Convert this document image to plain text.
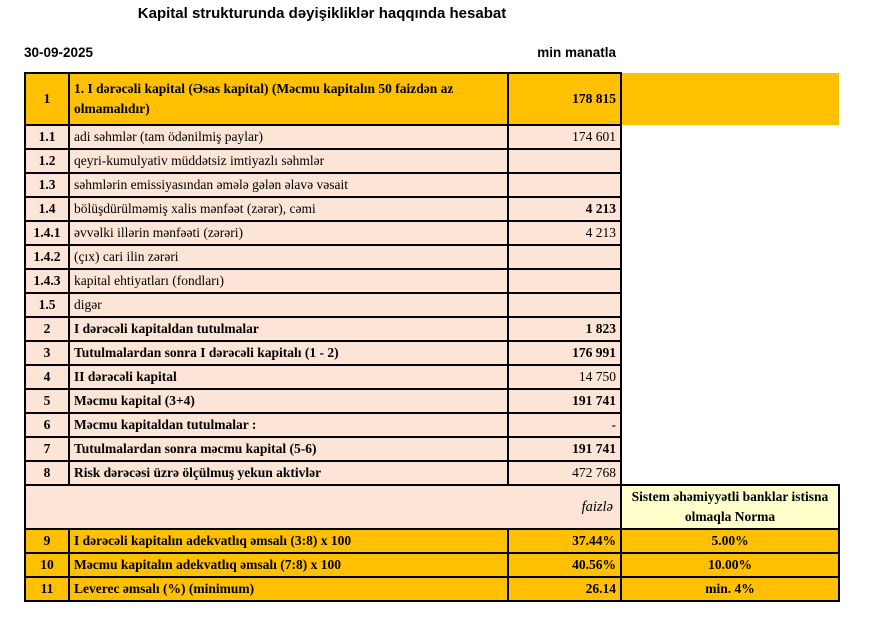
Kapital strukturunda dəyişikliklər haqqında hesabat
30-09-2025	min manatla
1	1. I dərəcəli kapital (Əsas kapital) (Məcmu kapitalın 50 faizdən az olmamalıdır)	178 815	
1.1	adi səhmlər (tam ödənilmiş paylar)	174 601	
1.2	qeyri-kumulyativ müddətsiz imtiyazlı səhmlər		
1.3	səhmlərin emissiyasından əmələ gələn əlavə vəsait		
1.4	bölüşdürülməmiş xalis mənfəət (zərər), cəmi	4 213	
1.4.1	əvvəlki illərin mənfəəti (zərəri)	4 213	
1.4.2	(çıx) cari ilin zərəri		
1.4.3	kapital ehtiyatları (fondları)		
1.5	digər		
2	I dərəcəli kapitaldan tutulmalar	1 823	
3	Tutulmalardan sonra I dərəcəli kapitalı (1 - 2)	176 991	
4	II dərəcəli kapital	14 750	
5	Məcmu kapital (3+4)	191 741	
6	Məcmu kapitaldan tutulmalar :	-	
7	Tutulmalardan sonra məcmu kapital (5-6)	191 741	
8	Risk dərəcəsi üzrə ölçülmuş yekun aktivlər	472 768	
faizlə			Sistem əhəmiyyətli banklar istisna olmaqla Norma
9	I dərəcəli kapitalın adekvatlıq əmsalı (3:8) x 100	37.44%	5.00%
10	Məcmu kapitalın adekvatlıq əmsalı (7:8) x 100	40.56%	10.00%
11	Leverec əmsalı (%) (minimum)	26.14	min. 4%
